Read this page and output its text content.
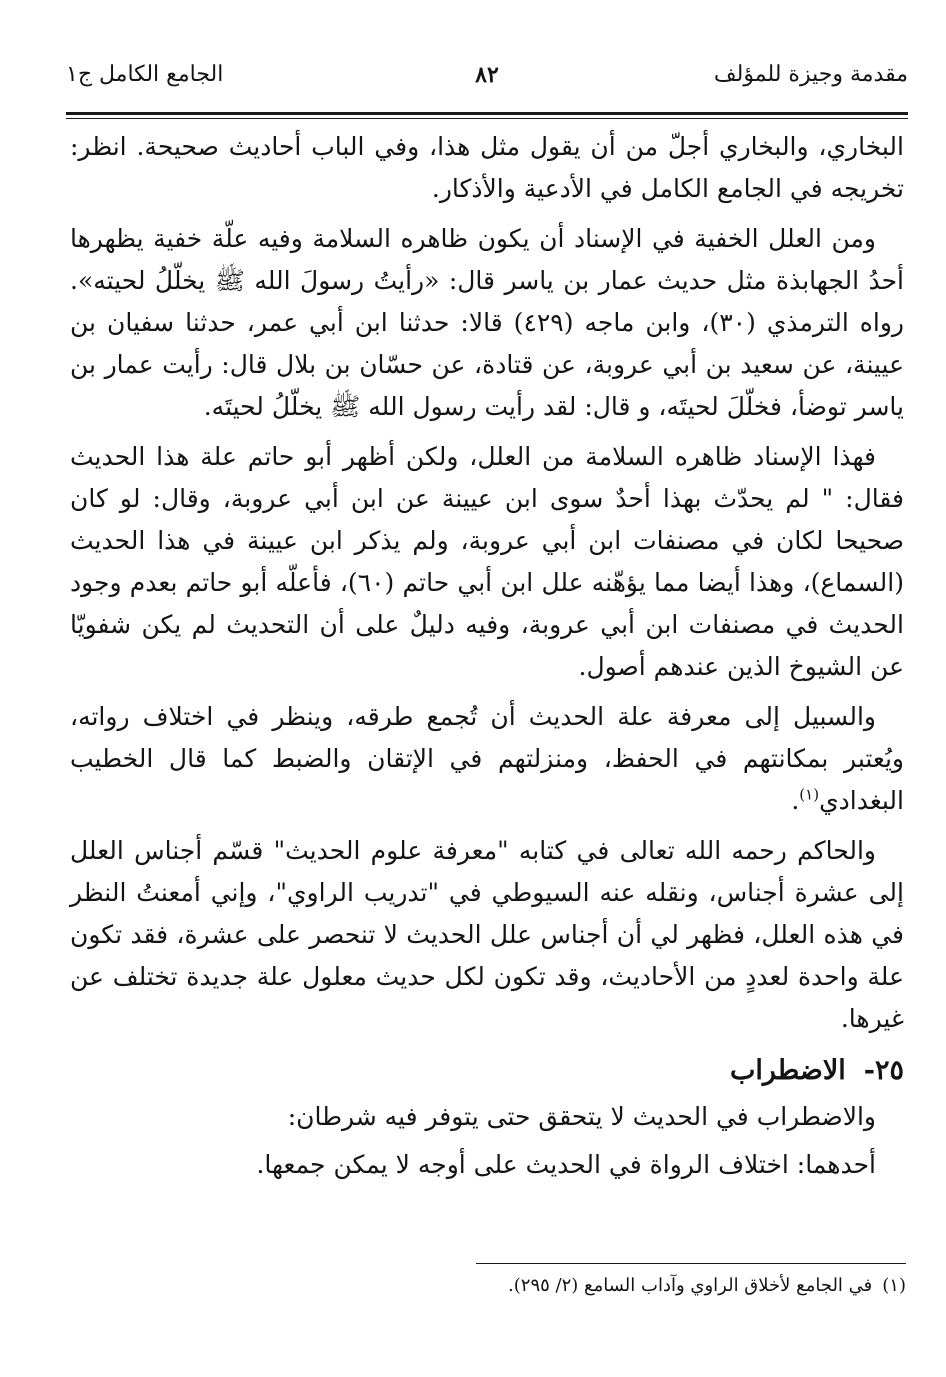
مقدمة وجيزة للمؤلف
٨٢
الجامع الكامل ج١

البخاري، والبخاري أجلّ من أن يقول مثل هذا، وفي الباب أحاديث صحيحة. انظر: تخريجه في الجامع الكامل في الأدعية والأذكار.

ومن العلل الخفية في الإسناد أن يكون ظاهره السلامة وفيه علّة خفية يظهرها أحدُ الجهابذة مثل حديث عمار بن ياسر قال: «رأيتُ رسولَ الله ﷺ يخلّلُ لحيته». رواه الترمذي (٣٠)، وابن ماجه (٤٢٩) قالا: حدثنا ابن أبي عمر، حدثنا سفيان بن عيينة، عن سعيد بن أبي عروبة، عن قتادة، عن حسّان بن بلال قال: رأيت عمار بن ياسر توضأ، فخلّلَ لحيتَه، و قال: لقد رأيت رسول الله ﷺ يخلّلُ لحيتَه.

فهذا الإسناد ظاهره السلامة من العلل، ولكن أظهر أبو حاتم علة هذا الحديث فقال: " لم يحدّث بهذا أحدٌ سوى ابن عيينة عن ابن أبي عروبة، وقال: لو كان صحيحا لكان في مصنفات ابن أبي عروبة، ولم يذكر ابن عيينة في هذا الحديث (السماع)، وهذا أيضا مما يؤهّنه علل ابن أبي حاتم (٦٠)، فأعلّه أبو حاتم بعدم وجود الحديث في مصنفات ابن أبي عروبة، وفيه دليلٌ على أن التحديث لم يكن شفويّا عن الشيوخ الذين عندهم أصول.

والسبيل إلى معرفة علة الحديث أن تُجمع طرقه، وينظر في اختلاف رواته، ويُعتبر بمكانتهم في الحفظ، ومنزلتهم في الإتقان والضبط كما قال الخطيب البغدادي$^{(١)}$.

والحاكم رحمه الله تعالى في كتابه "معرفة علوم الحديث" قسّم أجناس العلل إلى عشرة أجناس، ونقله عنه السيوطي في "تدريب الراوي"، وإني أمعنتُ النظر في هذه العلل، فظهر لي أن أجناس علل الحديث لا تنحصر على عشرة، فقد تكون علة واحدة لعددٍ من الأحاديث، وقد تكون لكل حديث معلول علة جديدة تختلف عن غيرها.

٢٥-الاضطراب

والاضطراب في الحديث لا يتحقق حتى يتوفر فيه شرطان:

أحدهما: اختلاف الرواة في الحديث على أوجه لا يمكن جمعها.

(١)في الجامع لأخلاق الراوي وآداب السامع (٢/ ٢٩٥).
